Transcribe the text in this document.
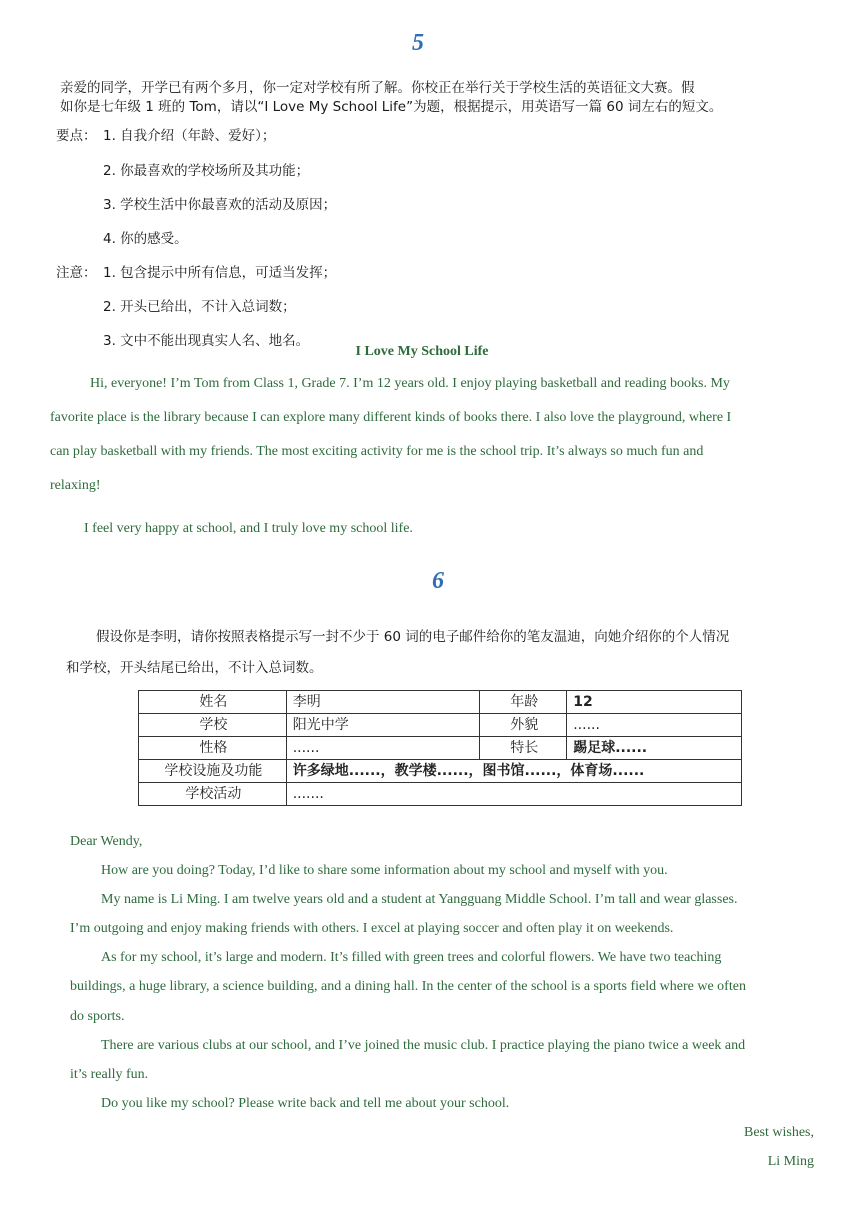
5
亲爱的同学，开学已有两个多月，你一定对学校有所了解。你校正在举行关于学校生活的英语征文大赛。假
如你是七年级 1 班的 Tom，请以“I Love My School Life”为题，根据提示，用英语写一篇 60 词左右的短文。
要点： 1. 自我介绍（年龄、爱好）；
2. 你最喜欢的学校场所及其功能；
3. 学校生活中你最喜欢的活动及原因；
4. 你的感受。
注意： 1. 包含提示中所有信息，可适当发挥；
2. 开头已给出，不计入总词数；
3. 文中不能出现真实人名、地名。
I Love My School Life
Hi, everyone! I’m Tom from Class 1, Grade 7. I’m 12 years old. I enjoy playing basketball and reading books. My
favorite place is the library because I can explore many different kinds of books there. I also love the playground, where I
can play basketball with my friends. The most exciting activity for me is the school trip. It’s always so much fun and
relaxing!
I feel very happy at school, and I truly love my school life.
6
假设你是李明，请你按照表格提示写一封不少于 60 词的电子邮件给你的笔友温迪，向她介绍你的个人情况
和学校，开头结尾已给出，不计入总词数。
姓名	李明	年龄	12
学校	阳光中学	外貌	......
性格	......	特长	踢足球......
学校设施及功能	许多绿地......，教学楼......，图书馆......，体育场......		
学校活动	.......		
Dear Wendy,
How are you doing? Today, I’d like to share some information about my school and myself with you.
My name is Li Ming. I am twelve years old and a student at Yangguang Middle School. I’m tall and wear glasses.
I’m outgoing and enjoy making friends with others. I excel at playing soccer and often play it on weekends.
As for my school, it’s large and modern. It’s filled with green trees and colorful flowers. We have two teaching
buildings, a huge library, a science building, and a dining hall. In the center of the school is a sports field where we often
do sports.
There are various clubs at our school, and I’ve joined the music club. I practice playing the piano twice a week and
it’s really fun.
Do you like my school? Please write back and tell me about your school.
Best wishes,
Li Ming
